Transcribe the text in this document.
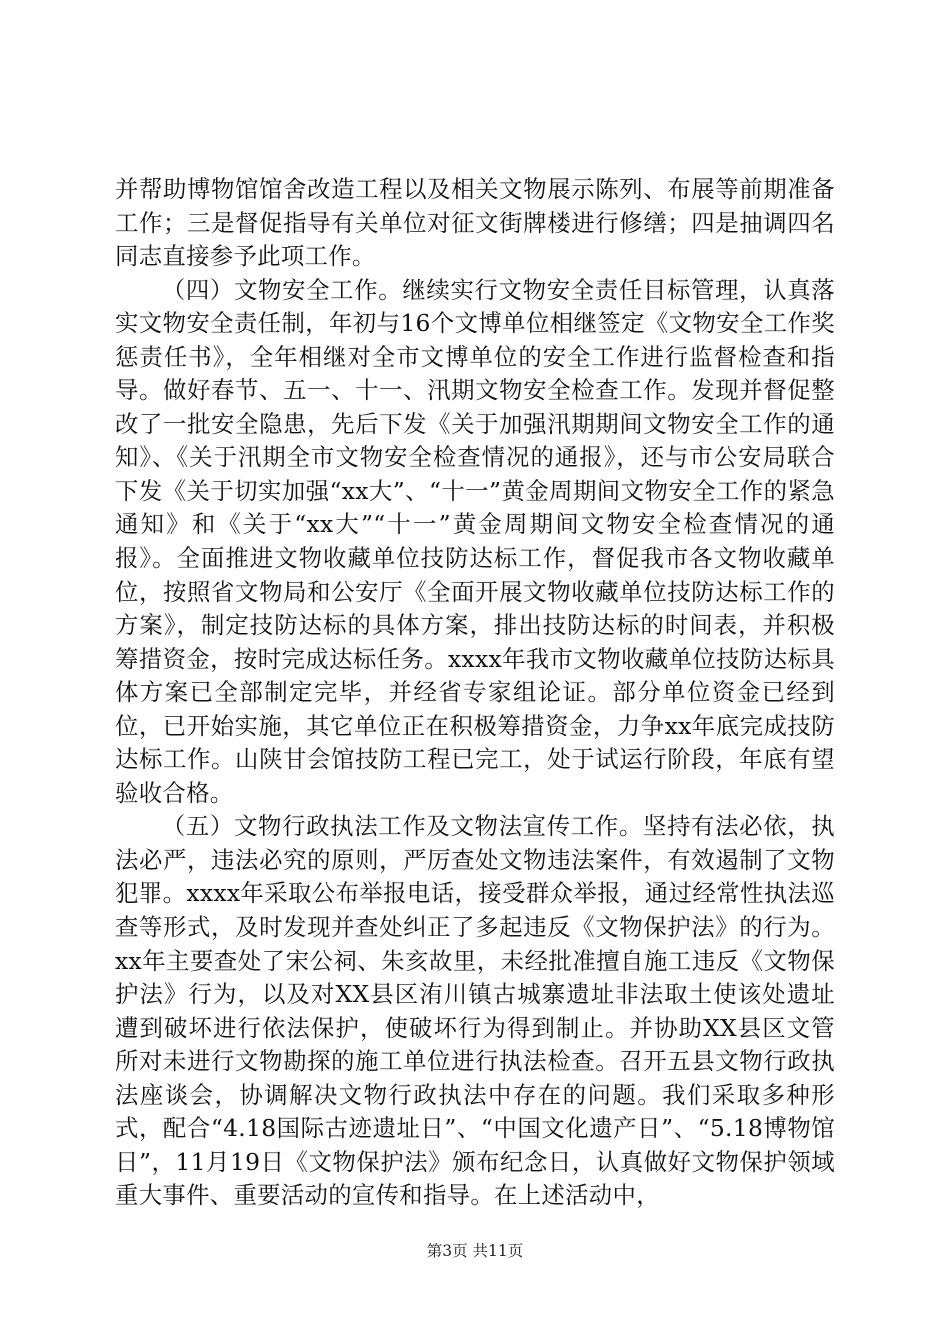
并帮助博物馆馆舍改造工程以及相关文物展示陈列、布展等前期准备工作；三是督促指导有关单位对征文街牌楼进行修缮；四是抽调四名同志直接参予此项工作。

（四）文物安全工作。继续实行文物安全责任目标管理，认真落实文物安全责任制，年初与16个文博单位相继签定《文物安全工作奖惩责任书》，全年相继对全市文博单位的安全工作进行监督检查和指导。做好春节、五一、十一、汛期文物安全检查工作。发现并督促整改了一批安全隐患，先后下发《关于加强汛期期间文物安全工作的通知》、《关于汛期全市文物安全检查情况的通报》，还与市公安局联合下发《关于切实加强“xx大”、“十一”黄金周期间文物安全工作的紧急通知》和《关于“xx大”“十一”黄金周期间文物安全检查情况的通报》。全面推进文物收藏单位技防达标工作，督促我市各文物收藏单位，按照省文物局和公安厅《全面开展文物收藏单位技防达标工作的方案》，制定技防达标的具体方案，排出技防达标的时间表，并积极筹措资金，按时完成达标任务。xxxx年我市文物收藏单位技防达标具体方案已全部制定完毕，并经省专家组论证。部分单位资金已经到位，已开始实施，其它单位正在积极筹措资金，力争xx年底完成技防达标工作。山陕甘会馆技防工程已完工，处于试运行阶段，年底有望验收合格。

（五）文物行政执法工作及文物法宣传工作。坚持有法必依，执法必严，违法必究的原则，严厉查处文物违法案件，有效遏制了文物犯罪。xxxx年采取公布举报电话，接受群众举报，通过经常性执法巡查等形式，及时发现并查处纠正了多起违反《文物保护法》的行为。xx年主要查处了宋公祠、朱亥故里，未经批准擅自施工违反《文物保护法》行为，以及对XX县区洧川镇古城寨遗址非法取土使该处遗址遭到破坏进行依法保护，使破坏行为得到制止。并协助XX县区文管所对未进行文物勘探的施工单位进行执法检查。召开五县文物行政执法座谈会，协调解决文物行政执法中存在的问题。我们采取多种形式，配合“4.18国际古迹遗址日”、“中国文化遗产日”、“5.18博物馆日”，11月19日《文物保护法》颁布纪念日，认真做好文物保护领域重大事件、重要活动的宣传和指导。在上述活动中，

第3页 共11页
